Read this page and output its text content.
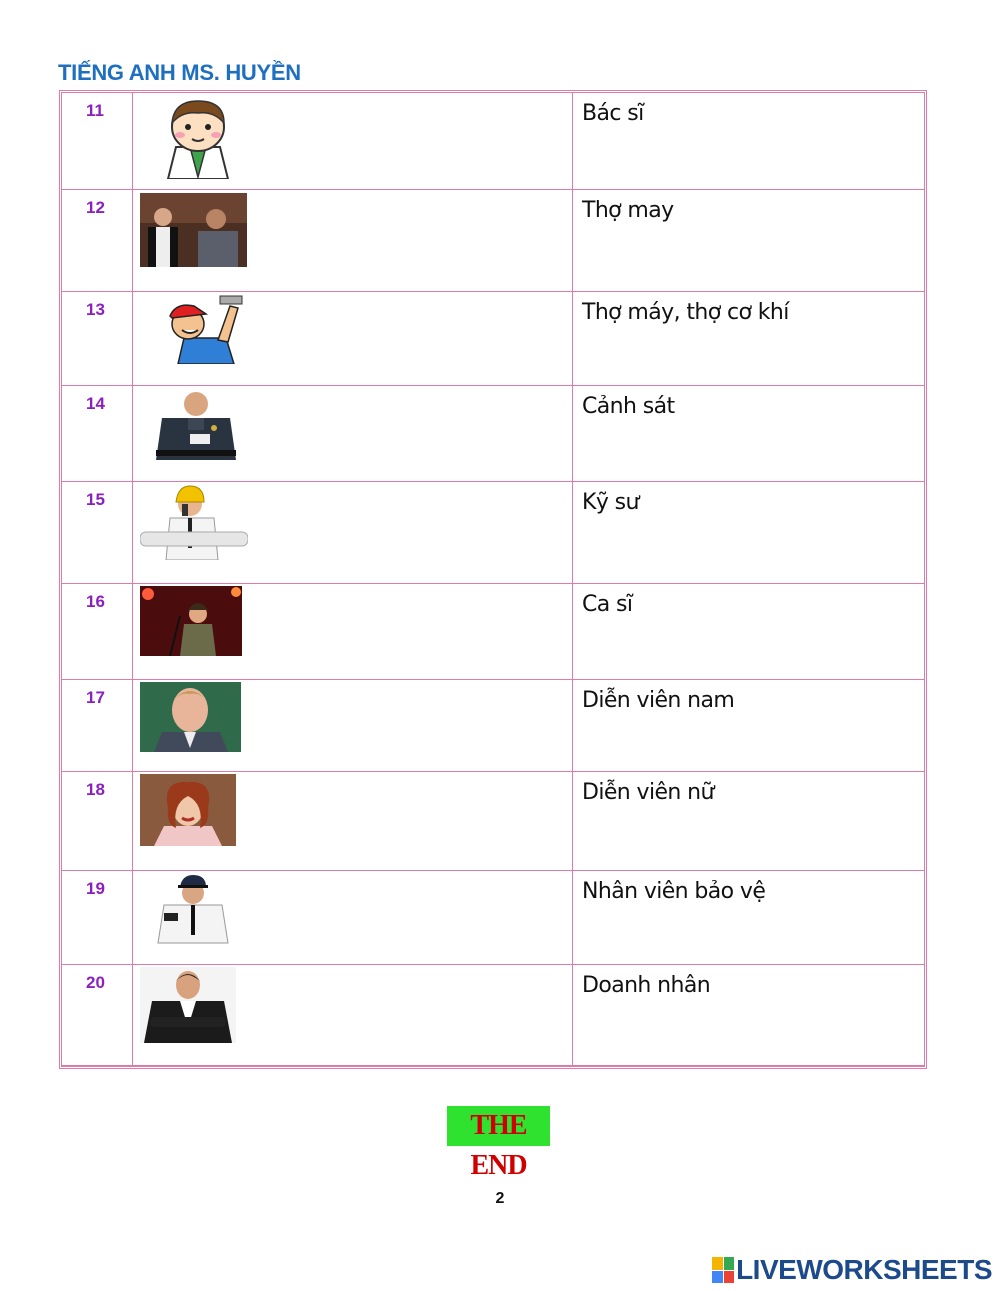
TIẾNG ANH MS. HUYỀN
11	Bác sĩ
12	Thợ may
13	Thợ máy, thợ cơ khí
14	Cảnh sát
15	Kỹ sư
16	Ca sĩ
17	Diễn viên nam
18	Diễn viên nữ
19	Nhân viên bảo vệ
20	Doanh nhân
THE END
2
LIVEWORKSHEETS
